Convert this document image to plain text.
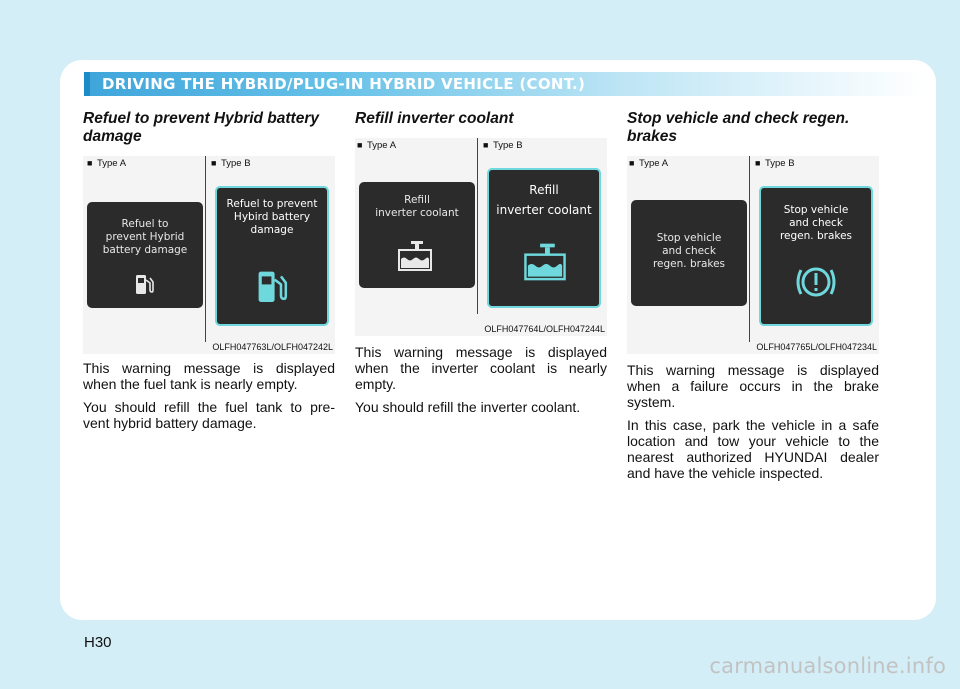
DRIVING THE HYBRID/PLUG-IN HYBRID VEHICLE (CONT.)
Refuel to prevent Hybrid battery damage
■ Type A	■ Type B
Refuel to
prevent Hybrid
battery damage
Refuel to prevent
Hybird battery
damage
OLFH047763L/OLFH047242L

This warning message is displayed when the fuel tank is nearly empty.

You should refill the fuel tank to pre- vent hybrid battery damage.

Refill inverter coolant
■ Type A	■ Type B
Refill
inverter coolant
Refill
inverter coolant
OLFH047764L/OLFH047244L

This warning message is displayed when the inverter coolant is nearly empty.

You should refill the inverter coolant.

Stop vehicle and check regen. brakes
■ Type A	■ Type B
Stop vehicle
and check
regen. brakes
Stop vehicle
and check
regen. brakes
OLFH047765L/OLFH047234L

This warning message is displayed when a failure occurs in the brake system.

In this case, park the vehicle in a safe location and tow your vehicle to the nearest authorized HYUNDAI dealer and have the vehicle inspected.

H30

carmanualsonline.info
